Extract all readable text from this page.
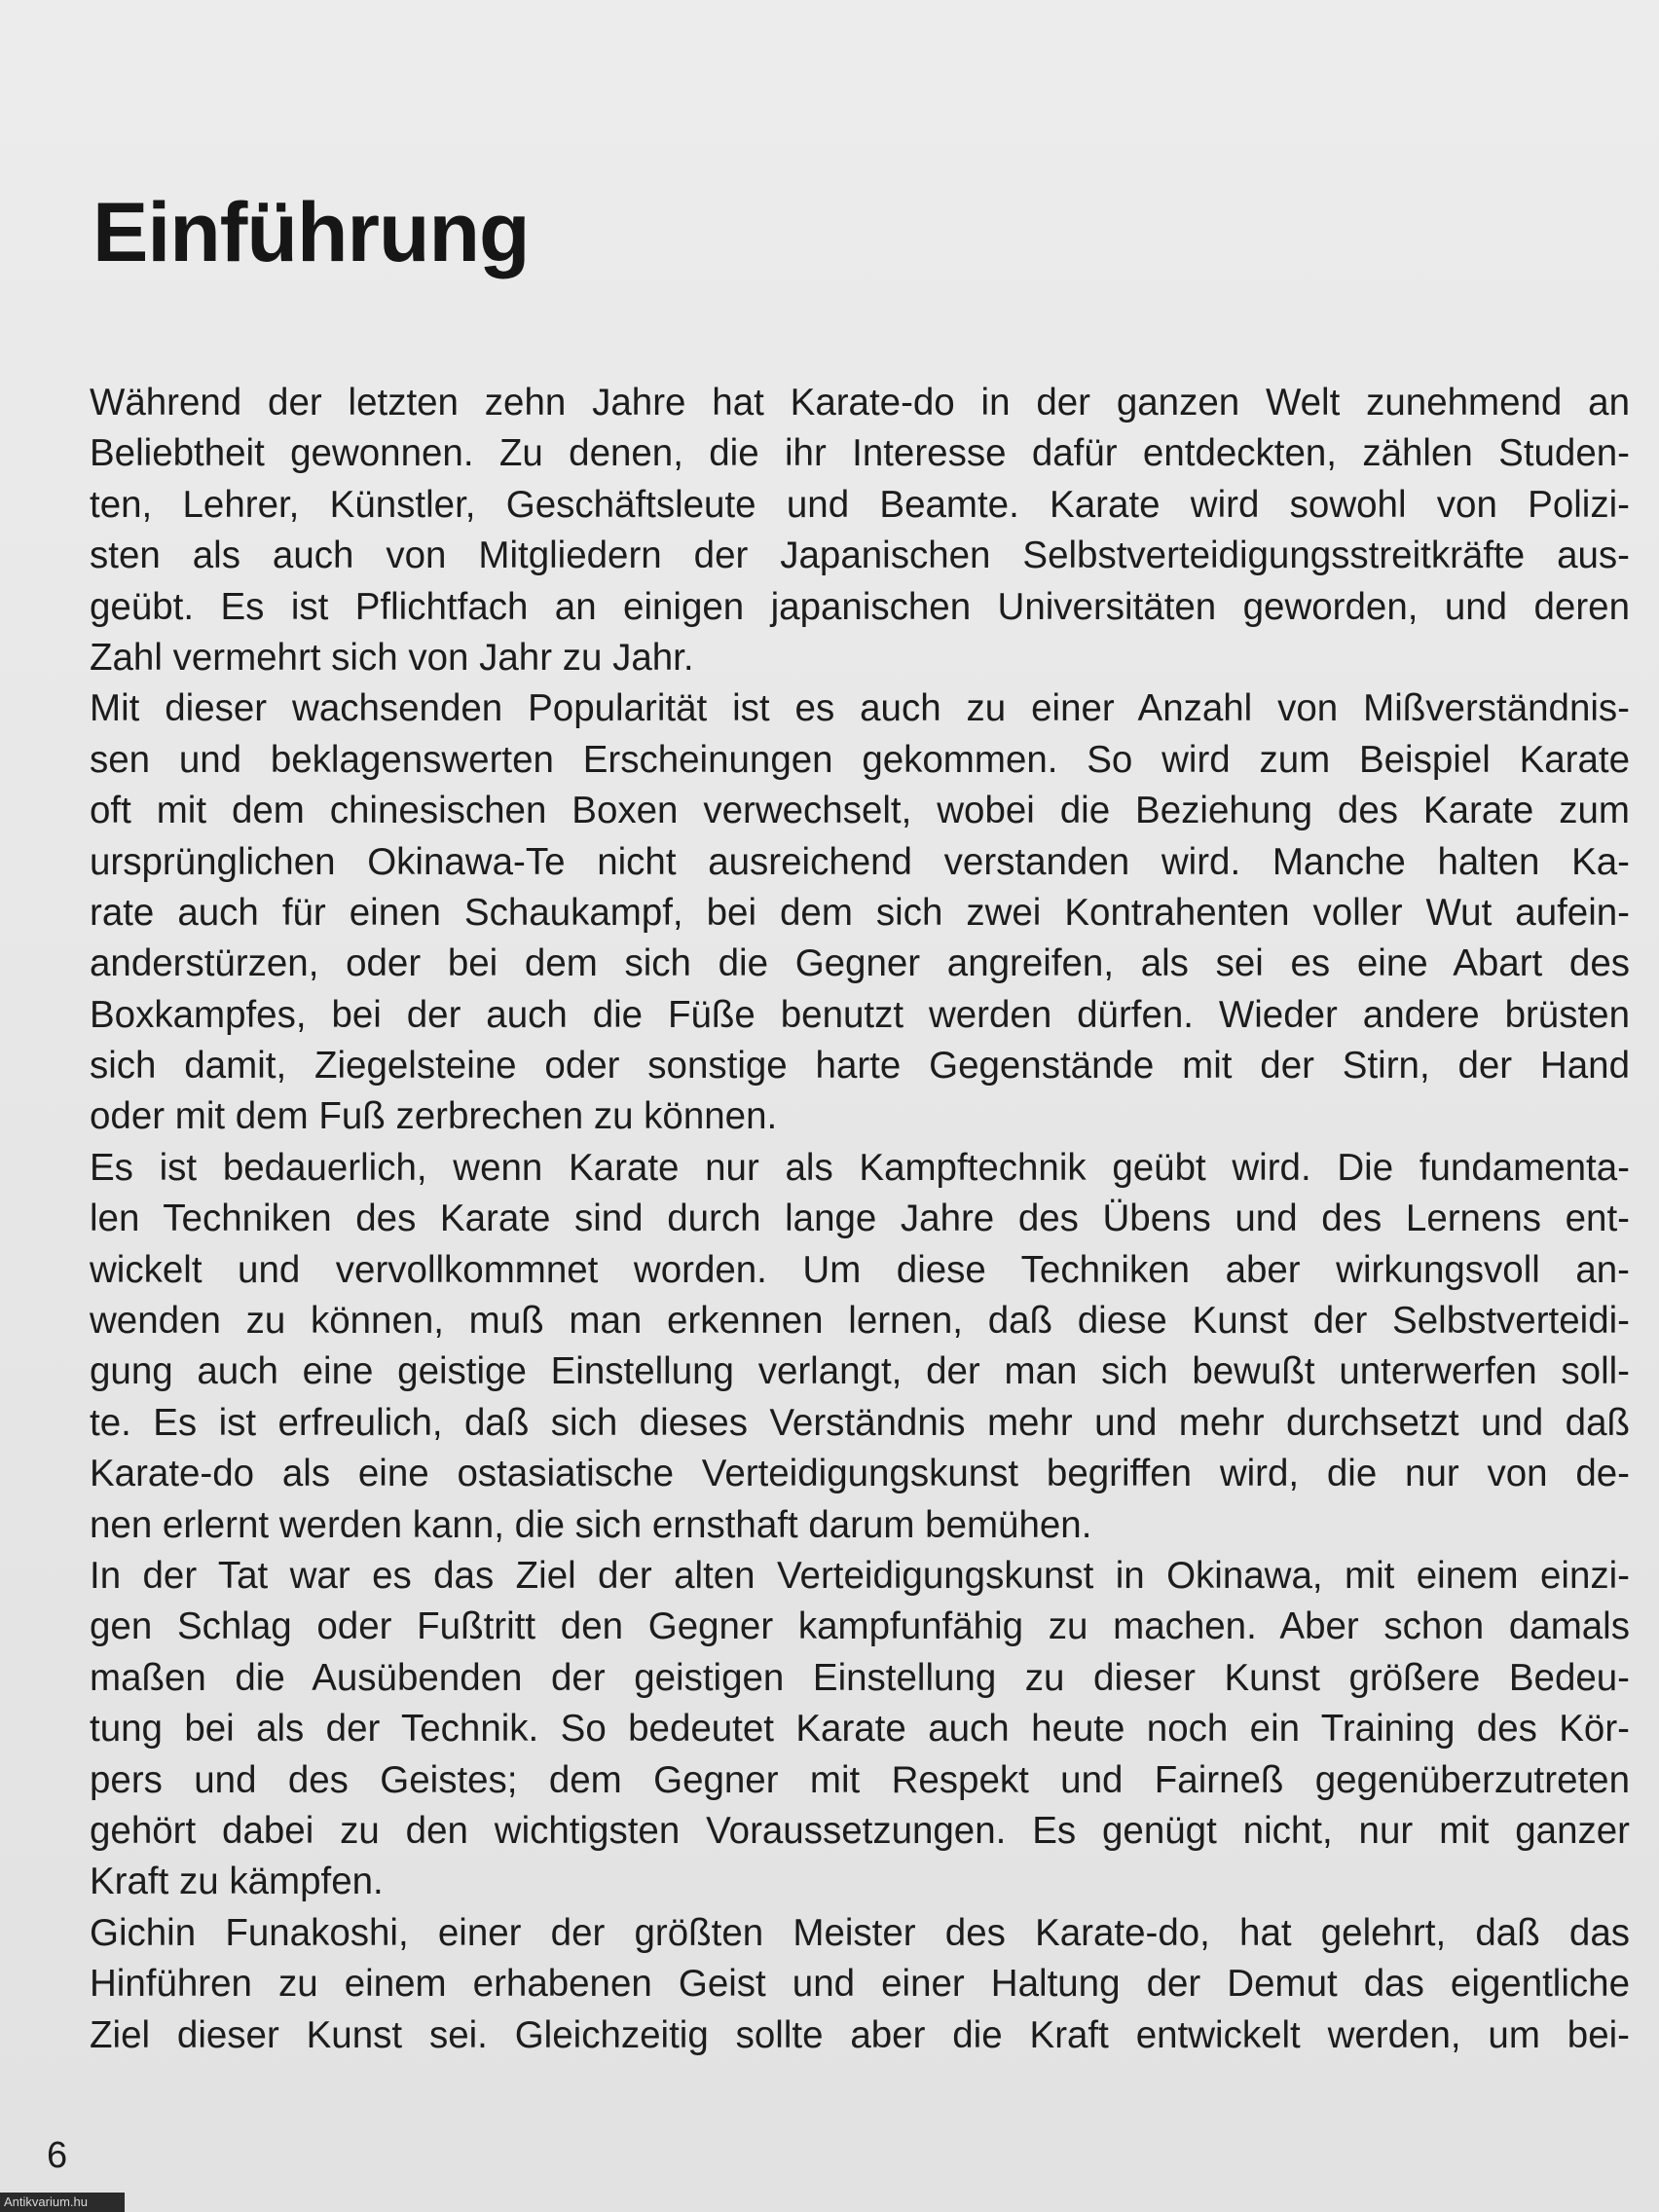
Einführung
Während der letzten zehn Jahre hat Karate-do in der ganzen Welt zunehmend an
Beliebtheit gewonnen. Zu denen, die ihr Interesse dafür entdeckten, zählen Studen-
ten, Lehrer, Künstler, Geschäftsleute und Beamte. Karate wird sowohl von Polizi-
sten als auch von Mitgliedern der Japanischen Selbstverteidigungsstreitkräfte aus-
geübt. Es ist Pflichtfach an einigen japanischen Universitäten geworden, und deren
Zahl vermehrt sich von Jahr zu Jahr.
Mit dieser wachsenden Popularität ist es auch zu einer Anzahl von Mißverständnis-
sen und beklagenswerten Erscheinungen gekommen. So wird zum Beispiel Karate
oft mit dem chinesischen Boxen verwechselt, wobei die Beziehung des Karate zum
ursprünglichen Okinawa-Te nicht ausreichend verstanden wird. Manche halten Ka-
rate auch für einen Schaukampf, bei dem sich zwei Kontrahenten voller Wut aufein-
anderstürzen, oder bei dem sich die Gegner angreifen, als sei es eine Abart des
Boxkampfes, bei der auch die Füße benutzt werden dürfen. Wieder andere brüsten
sich damit, Ziegelsteine oder sonstige harte Gegenstände mit der Stirn, der Hand
oder mit dem Fuß zerbrechen zu können.
Es ist bedauerlich, wenn Karate nur als Kampftechnik geübt wird. Die fundamenta-
len Techniken des Karate sind durch lange Jahre des Übens und des Lernens ent-
wickelt und vervollkommnet worden. Um diese Techniken aber wirkungsvoll an-
wenden zu können, muß man erkennen lernen, daß diese Kunst der Selbstverteidi-
gung auch eine geistige Einstellung verlangt, der man sich bewußt unterwerfen soll-
te. Es ist erfreulich, daß sich dieses Verständnis mehr und mehr durchsetzt und daß
Karate-do als eine ostasiatische Verteidigungskunst begriffen wird, die nur von de-
nen erlernt werden kann, die sich ernsthaft darum bemühen.
In der Tat war es das Ziel der alten Verteidigungskunst in Okinawa, mit einem einzi-
gen Schlag oder Fußtritt den Gegner kampfunfähig zu machen. Aber schon damals
maßen die Ausübenden der geistigen Einstellung zu dieser Kunst größere Bedeu-
tung bei als der Technik. So bedeutet Karate auch heute noch ein Training des Kör-
pers und des Geistes; dem Gegner mit Respekt und Fairneß gegenüberzutreten
gehört dabei zu den wichtigsten Voraussetzungen. Es genügt nicht, nur mit ganzer
Kraft zu kämpfen.
Gichin Funakoshi, einer der größten Meister des Karate-do, hat gelehrt, daß das
Hinführen zu einem erhabenen Geist und einer Haltung der Demut das eigentliche
Ziel dieser Kunst sei. Gleichzeitig sollte aber die Kraft entwickelt werden, um bei-
6
Antikvarium.hu
